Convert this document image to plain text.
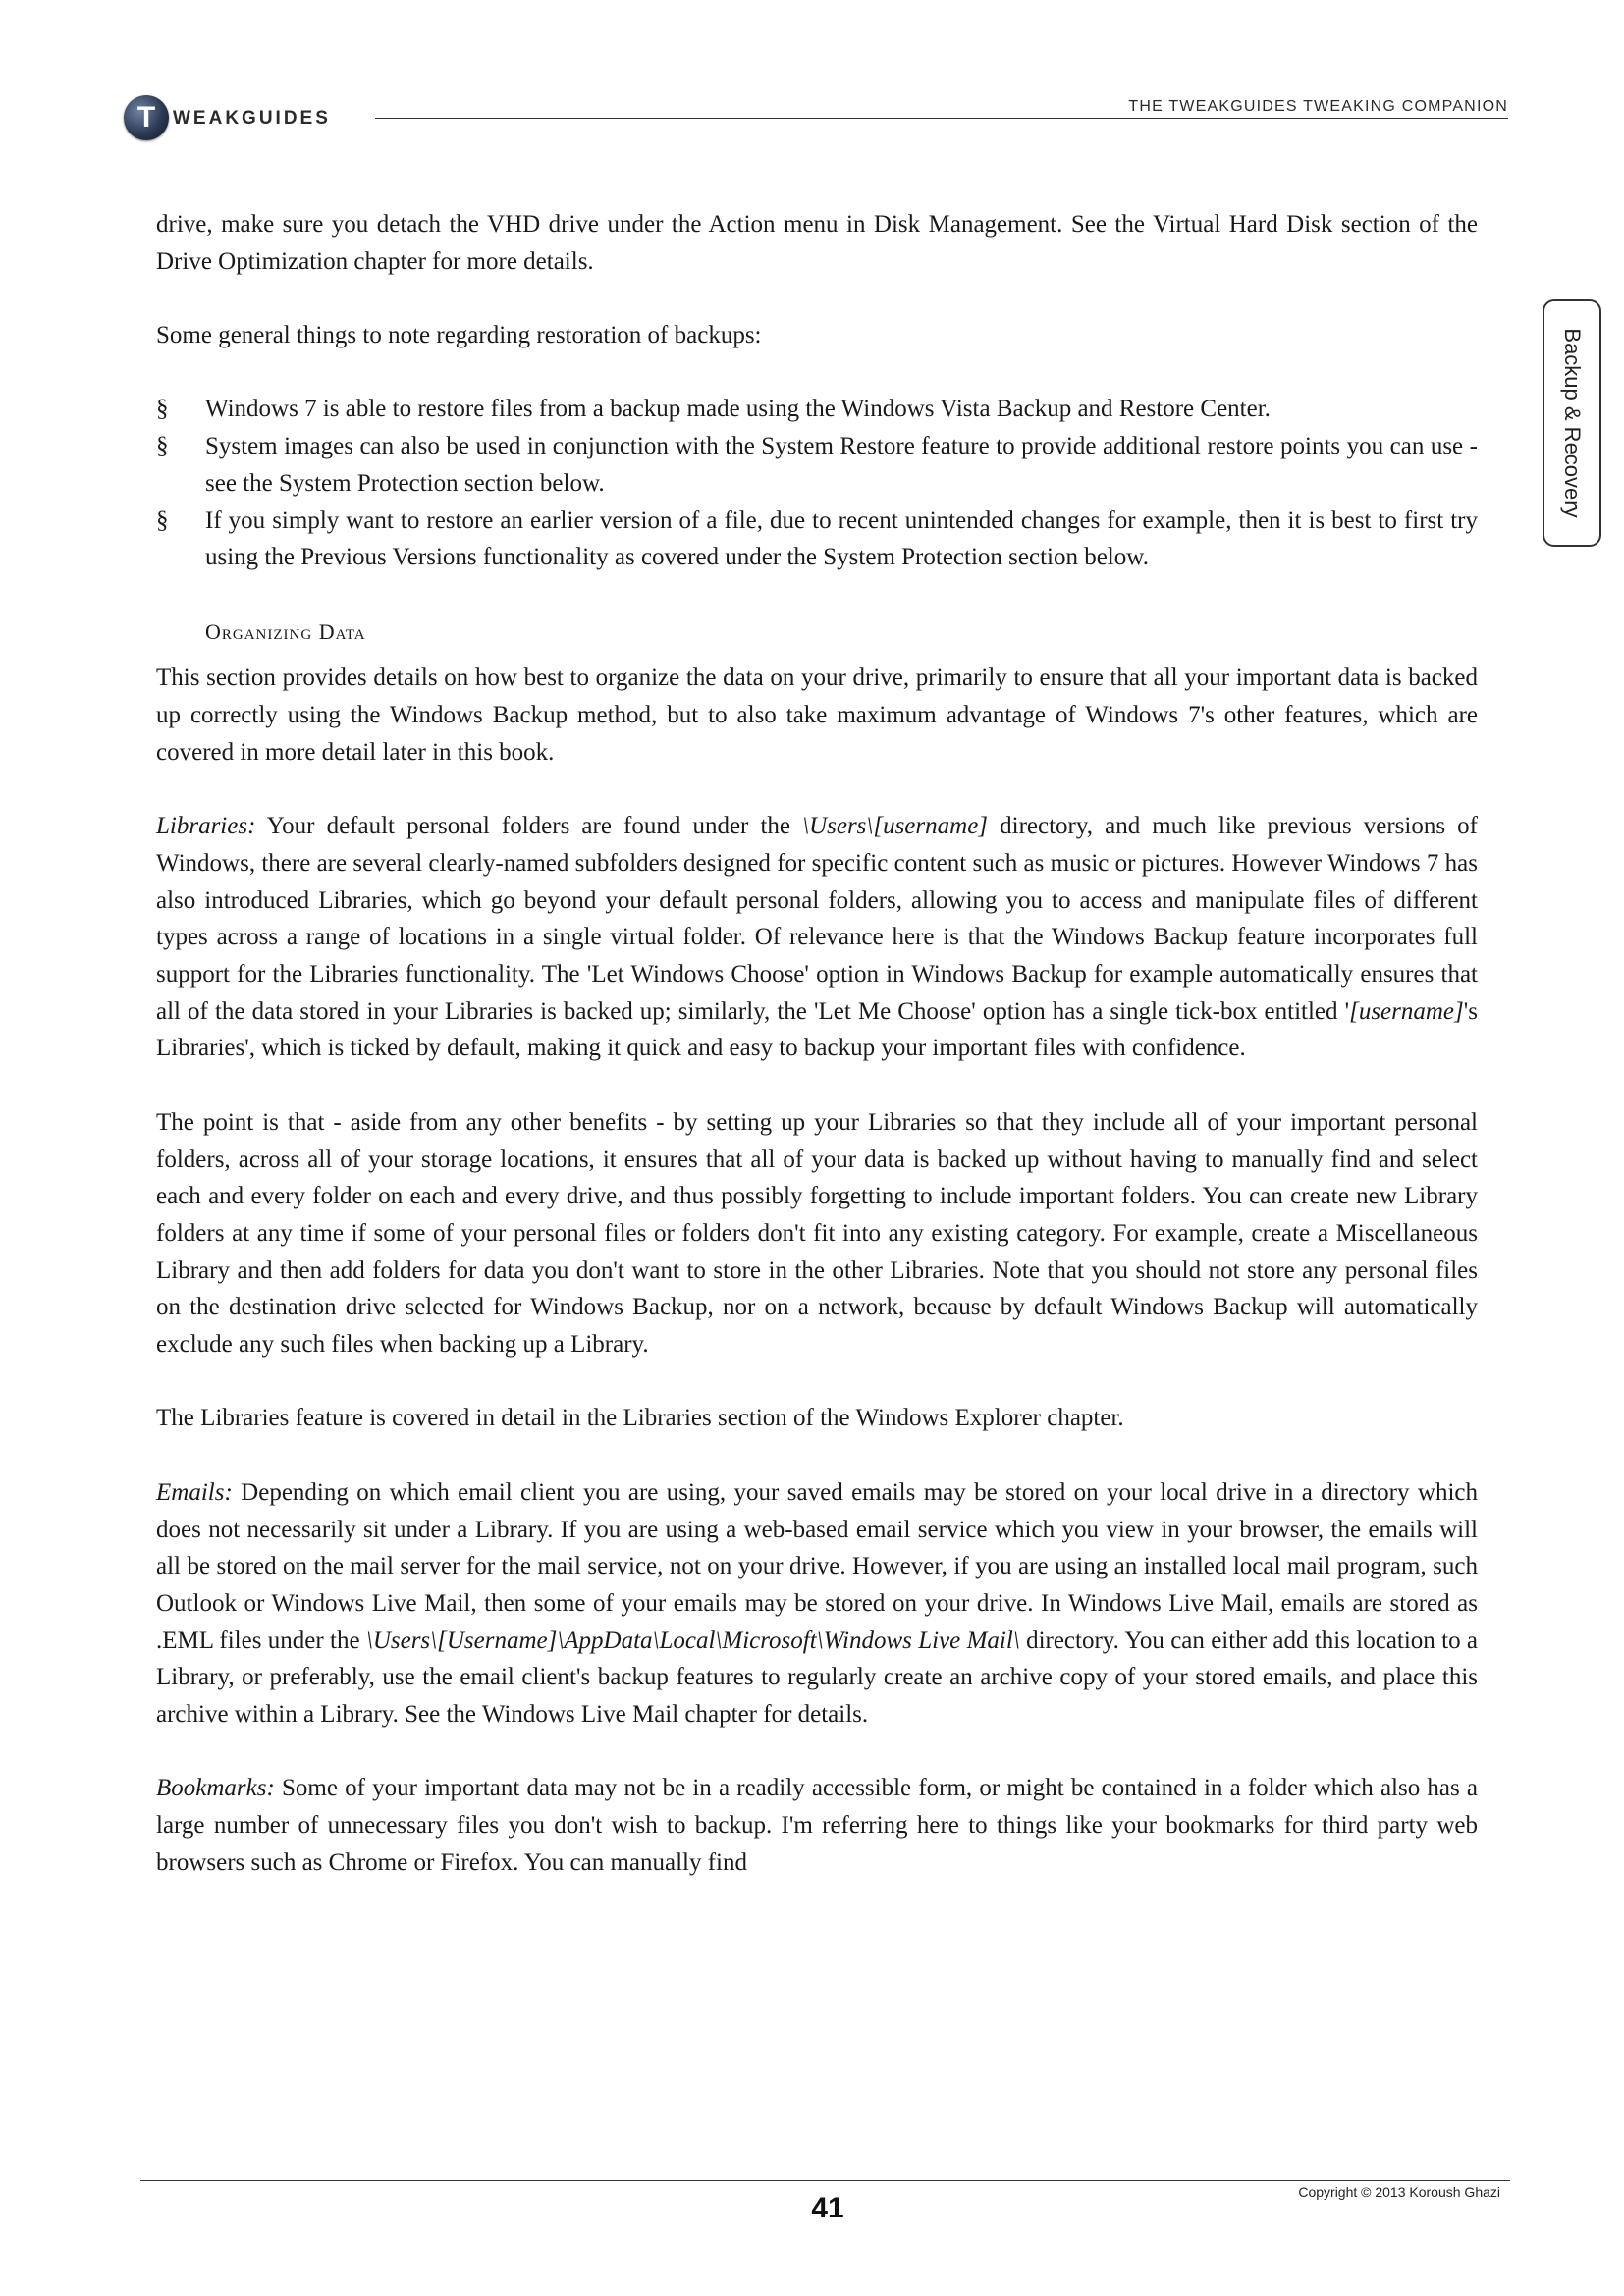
T WEAKGUIDES
THE TWEAKGUIDES TWEAKING COMPANION
Backup & Recovery

drive, make sure you detach the VHD drive under the Action menu in Disk Management. See the Virtual Hard Disk section of the Drive Optimization chapter for more details.

Some general things to note regarding restoration of backups:

§ Windows 7 is able to restore files from a backup made using the Windows Vista Backup and Restore Center.
§ System images can also be used in conjunction with the System Restore feature to provide additional restore points you can use - see the System Protection section below.
§ If you simply want to restore an earlier version of a file, due to recent unintended changes for example, then it is best to first try using the Previous Versions functionality as covered under the System Protection section below.
Organizing Data

This section provides details on how best to organize the data on your drive, primarily to ensure that all your important data is backed up correctly using the Windows Backup method, but to also take maximum advantage of Windows 7's other features, which are covered in more detail later in this book.

Libraries: Your default personal folders are found under the \Users\[username] directory, and much like previous versions of Windows, there are several clearly-named subfolders designed for specific content such as music or pictures. However Windows 7 has also introduced Libraries, which go beyond your default personal folders, allowing you to access and manipulate files of different types across a range of locations in a single virtual folder. Of relevance here is that the Windows Backup feature incorporates full support for the Libraries functionality. The 'Let Windows Choose' option in Windows Backup for example automatically ensures that all of the data stored in your Libraries is backed up; similarly, the 'Let Me Choose' option has a single tick-box entitled '[username]'s Libraries', which is ticked by default, making it quick and easy to backup your important files with confidence.

The point is that - aside from any other benefits - by setting up your Libraries so that they include all of your important personal folders, across all of your storage locations, it ensures that all of your data is backed up without having to manually find and select each and every folder on each and every drive, and thus possibly forgetting to include important folders. You can create new Library folders at any time if some of your personal files or folders don't fit into any existing category. For example, create a Miscellaneous Library and then add folders for data you don't want to store in the other Libraries. Note that you should not store any personal files on the destination drive selected for Windows Backup, nor on a network, because by default Windows Backup will automatically exclude any such files when backing up a Library.

The Libraries feature is covered in detail in the Libraries section of the Windows Explorer chapter.

Emails: Depending on which email client you are using, your saved emails may be stored on your local drive in a directory which does not necessarily sit under a Library. If you are using a web-based email service which you view in your browser, the emails will all be stored on the mail server for the mail service, not on your drive. However, if you are using an installed local mail program, such Outlook or Windows Live Mail, then some of your emails may be stored on your drive. In Windows Live Mail, emails are stored as .EML files under the \Users\[Username]\AppData\Local\Microsoft\Windows Live Mail\ directory. You can either add this location to a Library, or preferably, use the email client's backup features to regularly create an archive copy of your stored emails, and place this archive within a Library. See the Windows Live Mail chapter for details.

Bookmarks: Some of your important data may not be in a readily accessible form, or might be contained in a folder which also has a large number of unnecessary files you don't wish to backup. I'm referring here to things like your bookmarks for third party web browsers such as Chrome or Firefox. You can manually find

41	Copyright © 2013 Koroush Ghazi
